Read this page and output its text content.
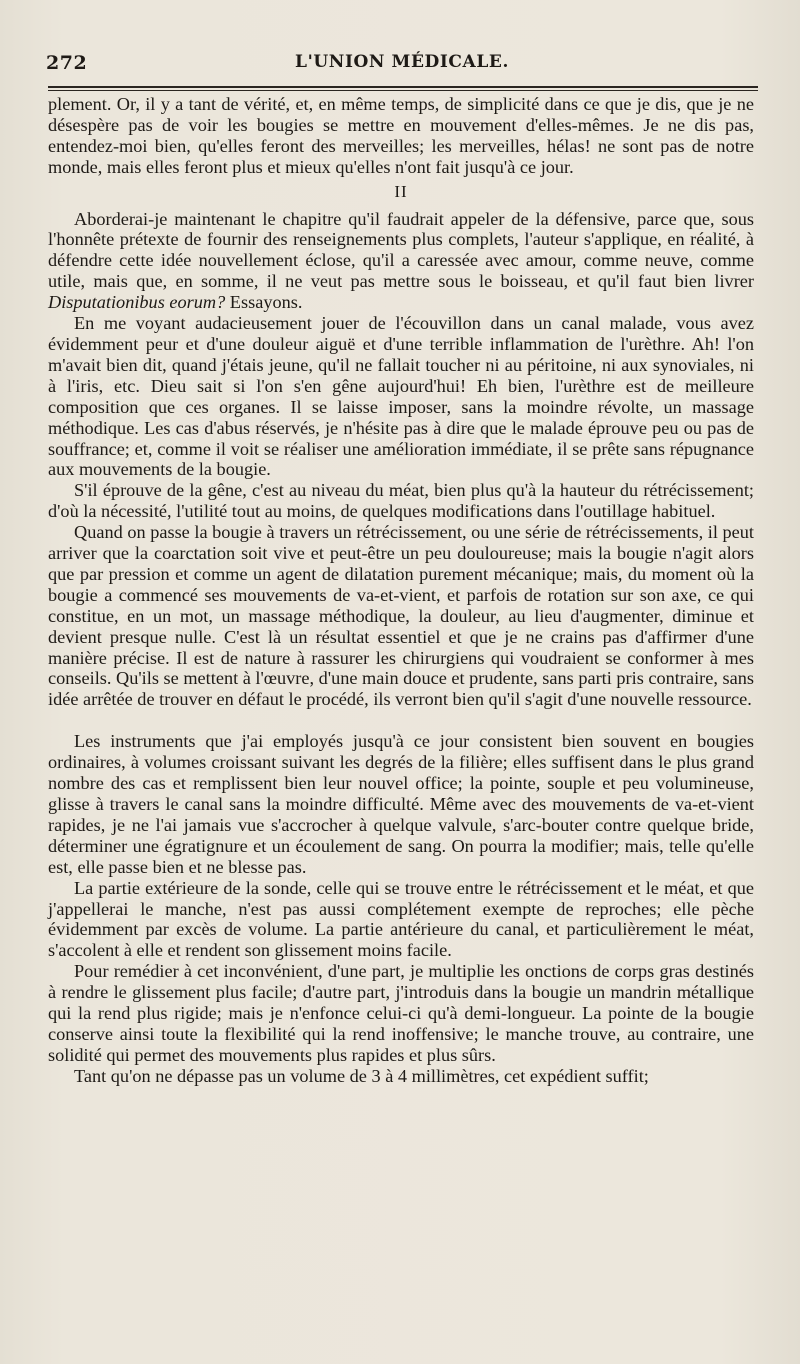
272	L'UNION MÉDICALE.

plement. Or, il y a tant de vérité, et, en même temps, de simplicité dans ce que je dis, que je ne désespère pas de voir les bougies se mettre en mouvement d'elles-mêmes. Je ne dis pas, entendez-moi bien, qu'elles feront des merveilles; les merveilles, hélas! ne sont pas de notre monde, mais elles feront plus et mieux qu'elles n'ont fait jusqu'à ce jour.

II

Aborderai-je maintenant le chapitre qu'il faudrait appeler de la défensive, parce que, sous l'honnête prétexte de fournir des renseignements plus complets, l'auteur s'applique, en réalité, à défendre cette idée nouvellement éclose, qu'il a caressée avec amour, comme neuve, comme utile, mais que, en somme, il ne veut pas mettre sous le boisseau, et qu'il faut bien livrer Disputationibus eorum? Essayons.

En me voyant audacieusement jouer de l'écouvillon dans un canal malade, vous avez évidemment peur et d'une douleur aiguë et d'une terrible inflammation de l'urèthre. Ah! l'on m'avait bien dit, quand j'étais jeune, qu'il ne fallait toucher ni au péritoine, ni aux synoviales, ni à l'iris, etc. Dieu sait si l'on s'en gêne aujourd'hui! Eh bien, l'urèthre est de meilleure composition que ces organes. Il se laisse imposer, sans la moindre révolte, un massage méthodique. Les cas d'abus réservés, je n'hésite pas à dire que le malade éprouve peu ou pas de souffrance; et, comme il voit se réaliser une amélioration immédiate, il se prête sans répugnance aux mouvements de la bougie.

S'il éprouve de la gêne, c'est au niveau du méat, bien plus qu'à la hauteur du rétrécissement; d'où la nécessité, l'utilité tout au moins, de quelques modifications dans l'outillage habituel.

Quand on passe la bougie à travers un rétrécissement, ou une série de rétrécissements, il peut arriver que la coarctation soit vive et peut-être un peu douloureuse; mais la bougie n'agit alors que par pression et comme un agent de dilatation purement mécanique; mais, du moment où la bougie a commencé ses mouvements de va-et-vient, et parfois de rotation sur son axe, ce qui constitue, en un mot, un massage méthodique, la douleur, au lieu d'augmenter, diminue et devient presque nulle. C'est là un résultat essentiel et que je ne crains pas d'affirmer d'une manière précise. Il est de nature à rassurer les chirurgiens qui voudraient se conformer à mes conseils. Qu'ils se mettent à l'œuvre, d'une main douce et prudente, sans parti pris contraire, sans idée arrêtée de trouver en défaut le procédé, ils verront bien qu'il s'agit d'une nouvelle ressource.

Les instruments que j'ai employés jusqu'à ce jour consistent bien souvent en bougies ordinaires, à volumes croissant suivant les degrés de la filière; elles suffisent dans le plus grand nombre des cas et remplissent bien leur nouvel office; la pointe, souple et peu volumineuse, glisse à travers le canal sans la moindre difficulté. Même avec des mouvements de va-et-vient rapides, je ne l'ai jamais vue s'accrocher à quelque valvule, s'arc-bouter contre quelque bride, déterminer une égratignure et un écoulement de sang. On pourra la modifier; mais, telle qu'elle est, elle passe bien et ne blesse pas.

La partie extérieure de la sonde, celle qui se trouve entre le rétrécissement et le méat, et que j'appellerai le manche, n'est pas aussi complétement exempte de reproches; elle pèche évidemment par excès de volume. La partie antérieure du canal, et particulièrement le méat, s'accolent à elle et rendent son glissement moins facile.

Pour remédier à cet inconvénient, d'une part, je multiplie les onctions de corps gras destinés à rendre le glissement plus facile; d'autre part, j'introduis dans la bougie un mandrin métallique qui la rend plus rigide; mais je n'enfonce celui-ci qu'à demi-longueur. La pointe de la bougie conserve ainsi toute la flexibilité qui la rend inoffensive; le manche trouve, au contraire, une solidité qui permet des mouvements plus rapides et plus sûrs.

Tant qu'on ne dépasse pas un volume de 3 à 4 millimètres, cet expédient suffit;
